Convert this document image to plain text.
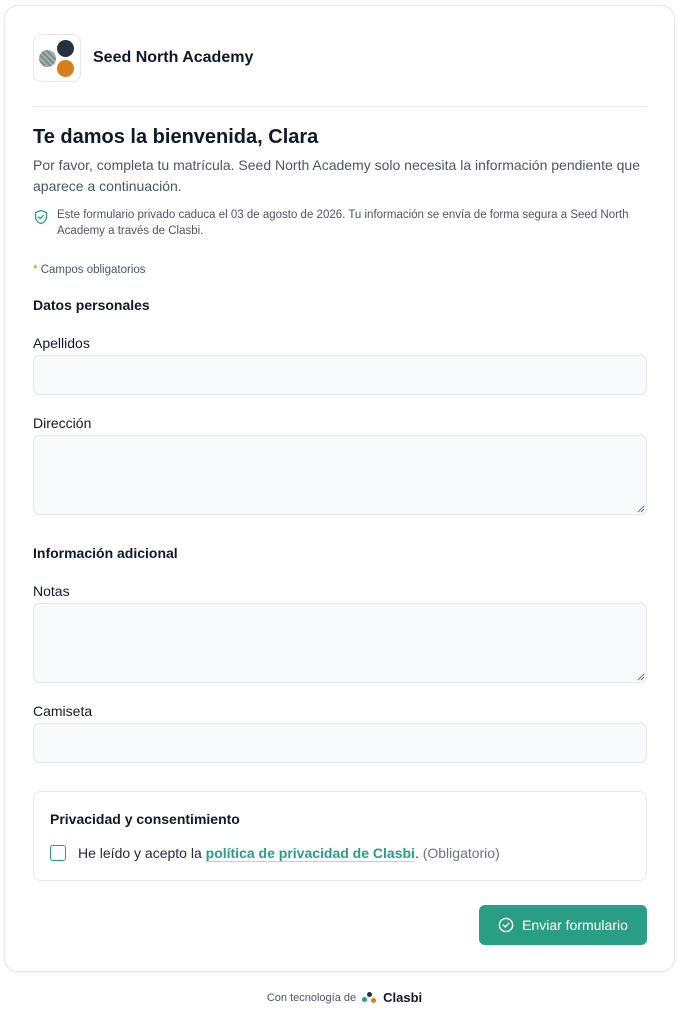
Seed North Academy
Te damos la bienvenida, Clara

Por favor, completa tu matrícula. Seed North Academy solo necesita la información pendiente que aparece a continuación.

Este formulario privado caduca el 03 de agosto de 2026. Tu información se envía de forma segura a Seed North Academy a través de Clasbi.
* Campos obligatorios
Datos personales
Apellidos
Dirección
Información adicional
Notas
Camiseta
Privacidad y consentimiento
He leído y acepto la política de privacidad de Clasbi. (Obligatorio)
Enviar formulario
Con tecnología de Clasbi
